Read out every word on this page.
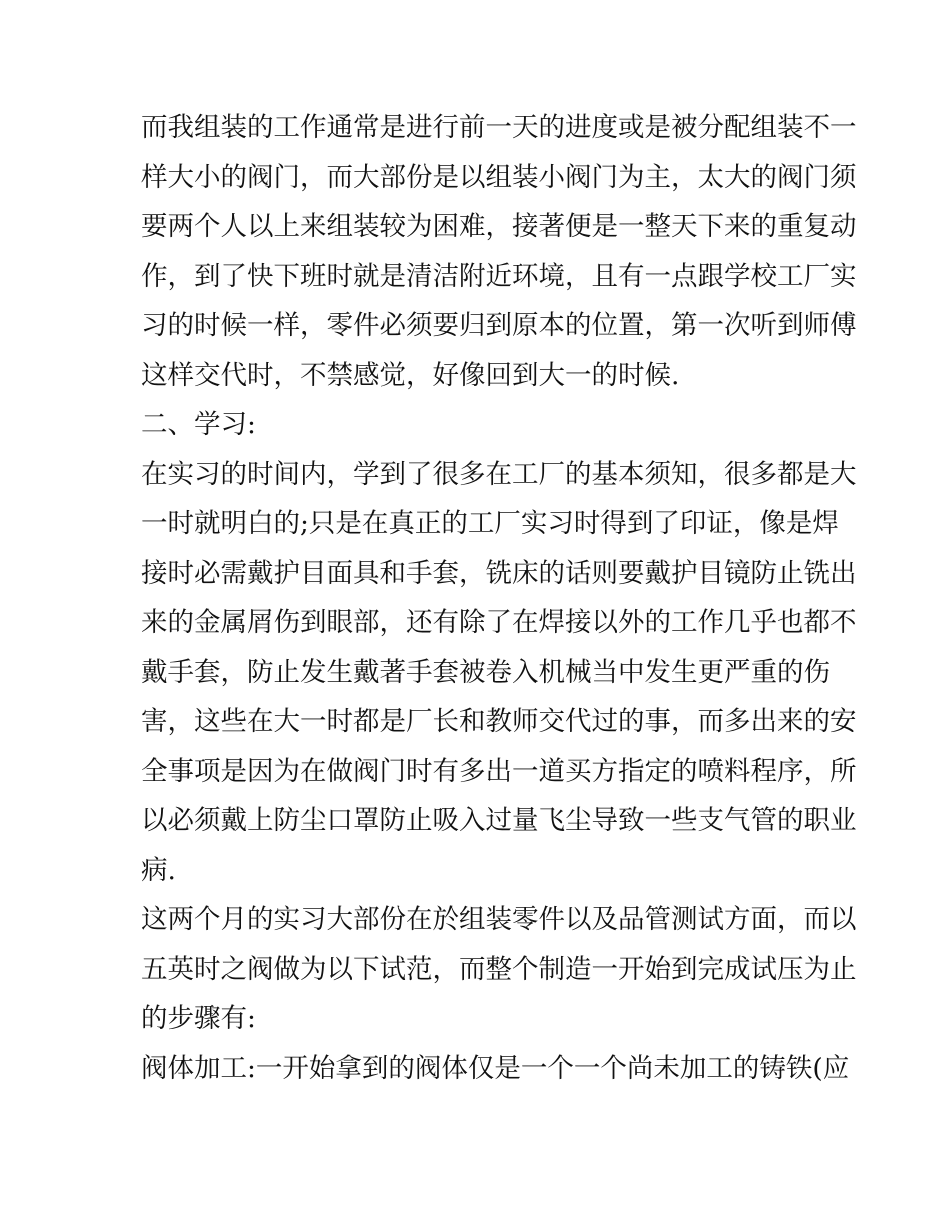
而我组装的工作通常是进行前一天的进度或是被分配组装不一
样大小的阀门，而大部份是以组装小阀门为主，太大的阀门须
要两个人以上来组装较为困难，接著便是一整天下来的重复动
作，到了快下班时就是清洁附近环境，且有一点跟学校工厂实
习的时候一样，零件必须要归到原本的位置，第一次听到师傅
这样交代时，不禁感觉，好像回到大一的时候.
二、学习:
在实习的时间内，学到了很多在工厂的基本须知，很多都是大
一时就明白的;只是在真正的工厂实习时得到了印证，像是焊
接时必需戴护目面具和手套，铣床的话则要戴护目镜防止铣出
来的金属屑伤到眼部，还有除了在焊接以外的工作几乎也都不
戴手套，防止发生戴著手套被卷入机械当中发生更严重的伤
害，这些在大一时都是厂长和教师交代过的事，而多出来的安
全事项是因为在做阀门时有多出一道买方指定的喷料程序，所
以必须戴上防尘口罩防止吸入过量飞尘导致一些支气管的职业
病.
这两个月的实习大部份在於组装零件以及品管测试方面，而以
五英时之阀做为以下试范，而整个制造一开始到完成试压为止
的步骤有:
阀体加工:一开始拿到的阀体仅是一个一个尚未加工的铸铁(应
